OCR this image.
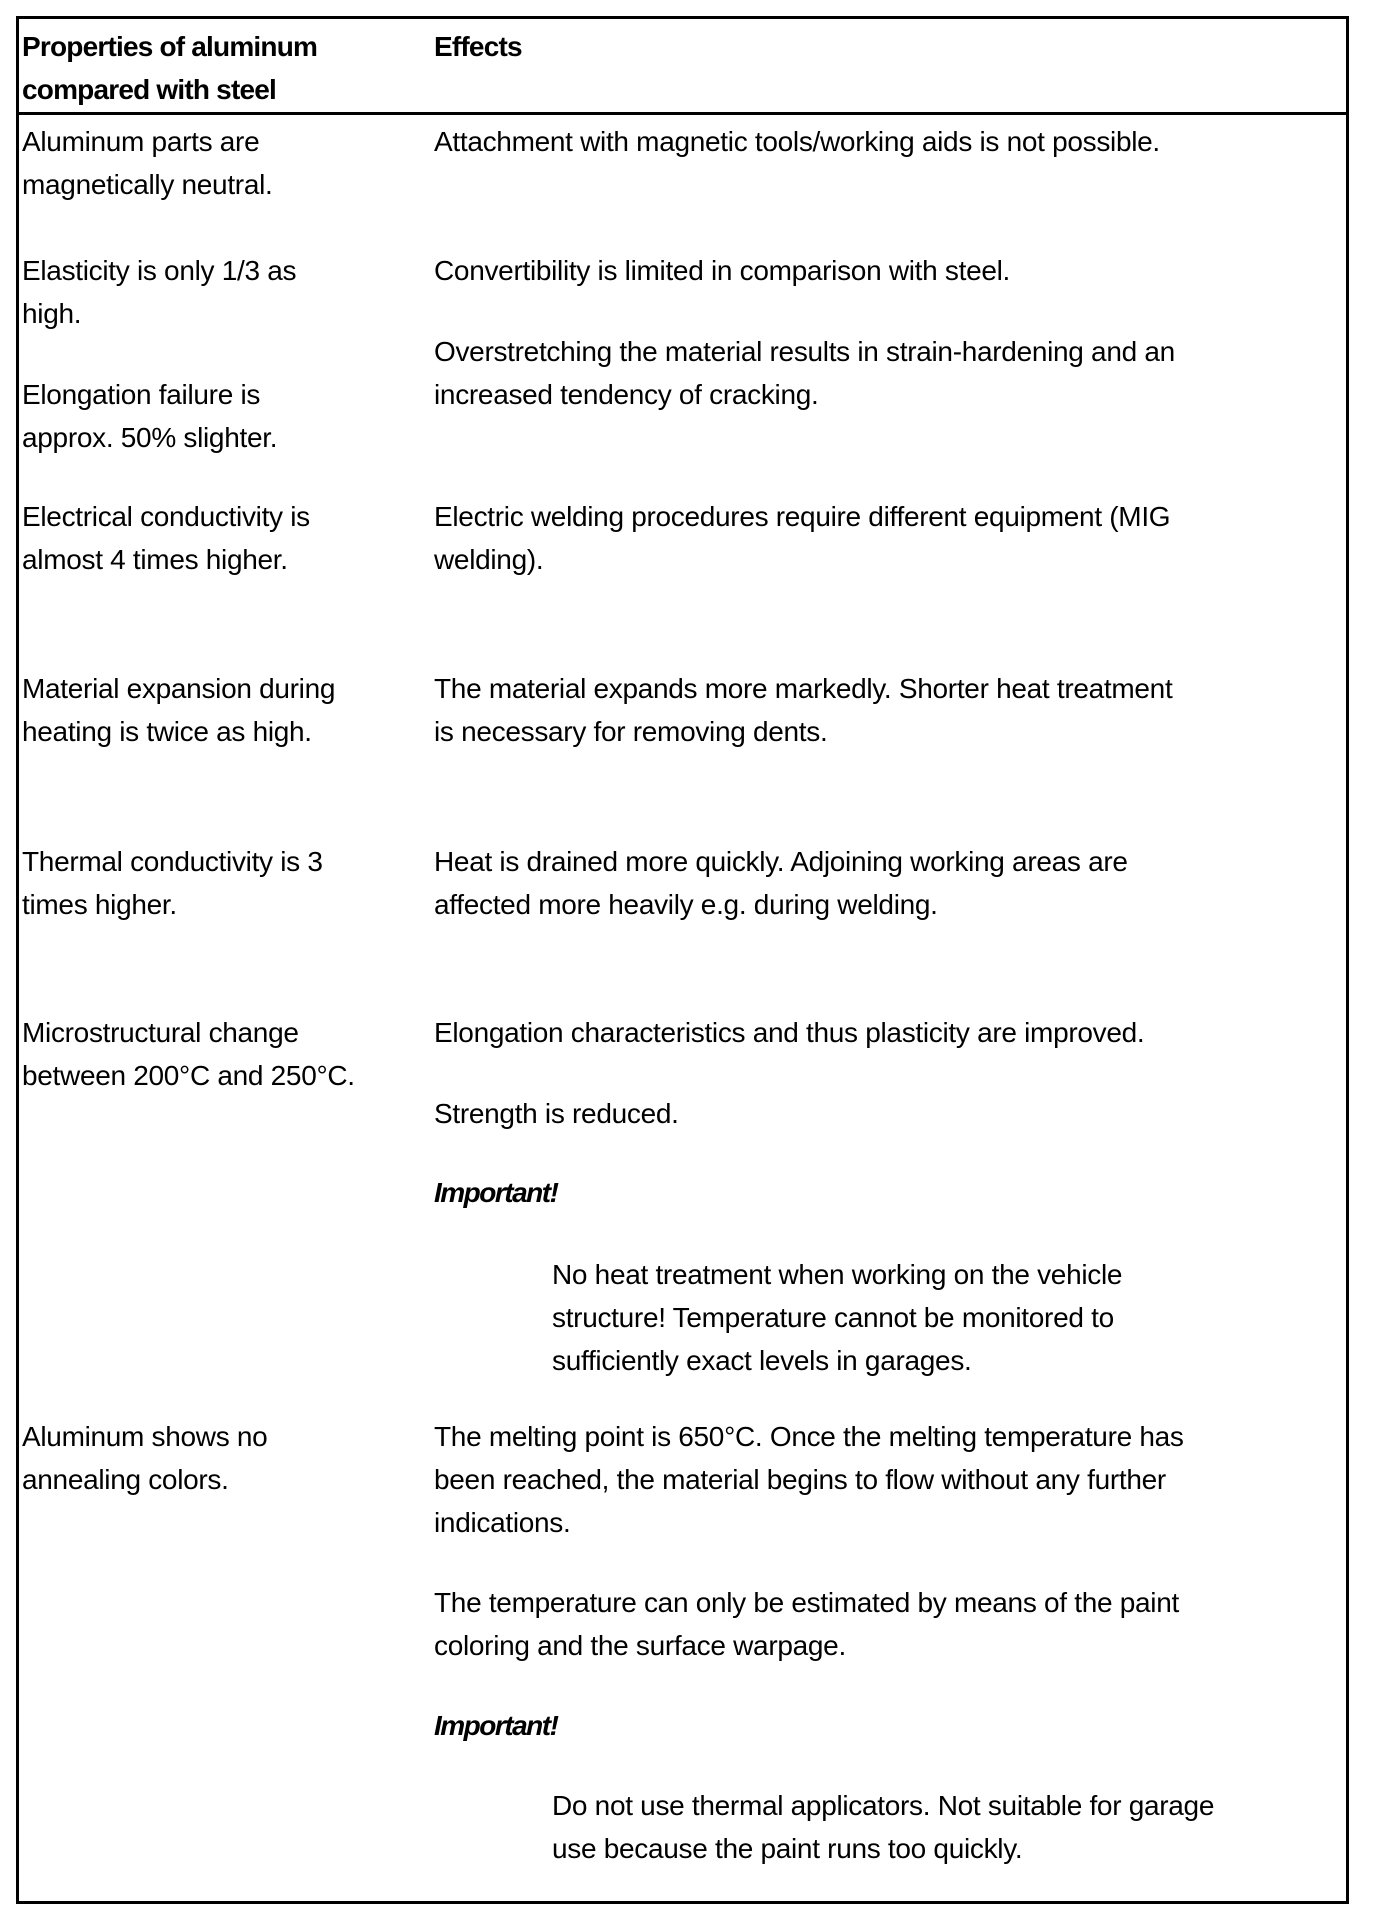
Properties of aluminum
compared with steel
Effects
Aluminum parts are
magnetically neutral.
Elasticity is only 1/3 as
high.
Elongation failure is
approx. 50% slighter.
Electrical conductivity is
almost 4 times higher.
Material expansion during
heating is twice as high.
Thermal conductivity is 3
times higher.
Microstructural change
between 200°C and 250°C.
Aluminum shows no
annealing colors.
Attachment with magnetic tools/working aids is not possible.
Convertibility is limited in comparison with steel.
Overstretching the material results in strain-hardening and an
increased tendency of cracking.
Electric welding procedures require different equipment (MIG
welding).
The material expands more markedly. Shorter heat treatment
is necessary for removing dents.
Heat is drained more quickly. Adjoining working areas are
affected more heavily e.g. during welding.
Elongation characteristics and thus plasticity are improved.
Strength is reduced.
Important!
No heat treatment when working on the vehicle
structure! Temperature cannot be monitored to
sufficiently exact levels in garages.
The melting point is 650°C. Once the melting temperature has
been reached, the material begins to flow without any further
indications.
The temperature can only be estimated by means of the paint
coloring and the surface warpage.
Important!
Do not use thermal applicators. Not suitable for garage
use because the paint runs too quickly.
